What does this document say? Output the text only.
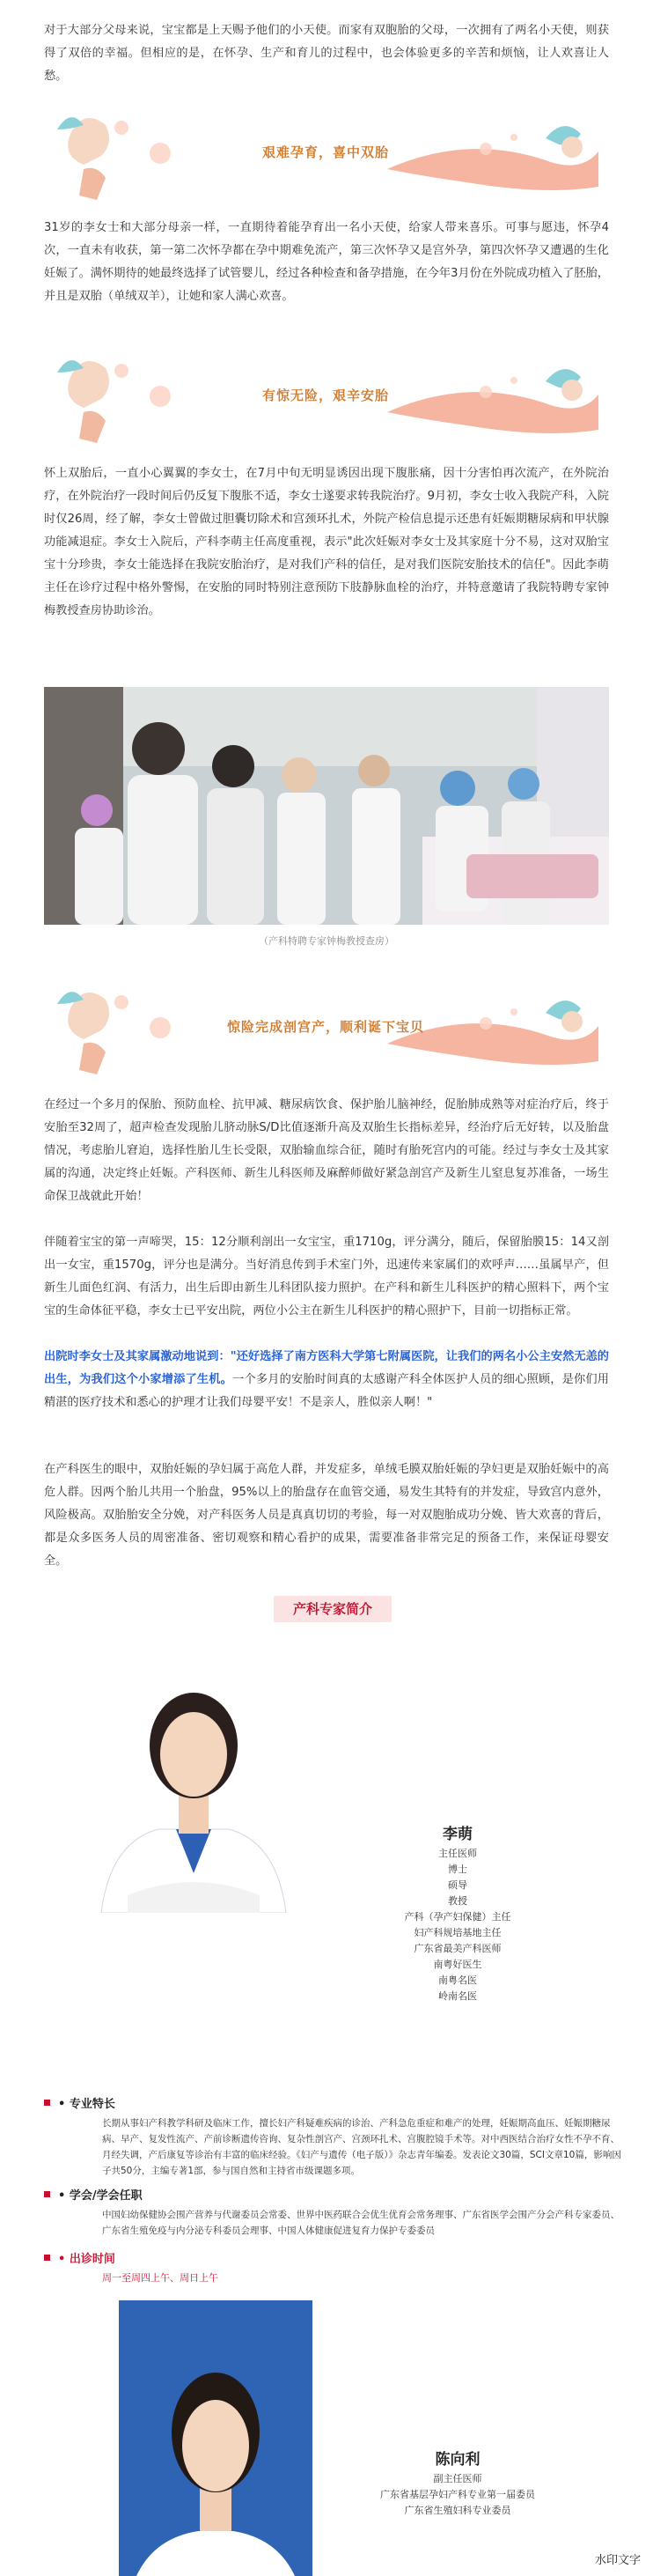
对于大部分父母来说，宝宝都是上天赐予他们的小天使。而家有双胞胎的父母，一次拥有了两名小天使，则获得了双倍的幸福。但相应的是，在怀孕、生产和育儿的过程中，也会体验更多的辛苦和烦恼，让人欢喜让人愁。

艰难孕育，喜中双胎

31岁的李女士和大部分母亲一样，一直期待着能孕育出一名小天使，给家人带来喜乐。可事与愿违，怀孕4次，一直未有收获，第一第二次怀孕都在孕中期难免流产，第三次怀孕又是宫外孕，第四次怀孕又遭遇的生化妊娠了。满怀期待的她最终选择了试管婴儿，经过各种检查和备孕措施，在今年3月份在外院成功植入了胚胎，并且是双胎（单绒双羊），让她和家人满心欢喜。

有惊无险，艰辛安胎

怀上双胎后，一直小心翼翼的李女士，在7月中旬无明显诱因出现下腹胀痛，因十分害怕再次流产，在外院治疗，在外院治疗一段时间后仍反复下腹胀不适，李女士遂要求转我院治疗。9月初，李女士收入我院产科，入院时仅26周，经了解，李女士曾做过胆囊切除术和宫颈环扎术，外院产检信息提示还患有妊娠期糖尿病和甲状腺功能减退症。李女士入院后，产科李萌主任高度重视，表示"此次妊娠对李女士及其家庭十分不易，这对双胎宝宝十分珍贵，李女士能选择在我院安胎治疗，是对我们产科的信任，是对我们医院安胎技术的信任"。因此李萌主任在诊疗过程中格外警惕，在安胎的同时特别注意预防下肢静脉血栓的治疗，并特意邀请了我院特聘专家钟梅教授查房协助诊治。

（产科特聘专家钟梅教授查房）
惊险完成剖宫产，顺利诞下宝贝

在经过一个多月的保胎、预防血栓、抗甲减、糖尿病饮食、保护胎儿脑神经，促胎肺成熟等对症治疗后，终于安胎至32周了，超声检查发现胎儿脐动脉S/D比值逐渐升高及双胎生长指标差异，经治疗后无好转，以及胎盘情况，考虑胎儿窘迫，选择性胎儿生长受限，双胎输血综合征，随时有胎死宫内的可能。经过与李女士及其家属的沟通，决定终止妊娠。产科医师、新生儿科医师及麻醉师做好紧急剖宫产及新生儿窒息复苏准备，一场生命保卫战就此开始！

伴随着宝宝的第一声啼哭，15：12分顺利剖出一女宝宝，重1710g，评分满分，随后，保留胎膜15：14又剖出一女宝，重1570g，评分也是满分。当好消息传到手术室门外，迅速传来家属们的欢呼声……虽属早产，但新生儿面色红润、有活力，出生后即由新生儿科团队接力照护。在产科和新生儿科医护的精心照料下，两个宝宝的生命体征平稳，李女士已平安出院，两位小公主在新生儿科医护的精心照护下，目前一切指标正常。

出院时李女士及其家属激动地说到："还好选择了南方医科大学第七附属医院，让我们的两名小公主安然无恙的出生，为我们这个小家增添了生机。一个多月的安胎时间真的太感谢产科全体医护人员的细心照顾，是你们用精湛的医疗技术和悉心的护理才让我们母婴平安！不是亲人，胜似亲人啊！"

在产科医生的眼中，双胎妊娠的孕妇属于高危人群，并发症多，单绒毛膜双胎妊娠的孕妇更是双胎妊娠中的高危人群。因两个胎儿共用一个胎盘，95%以上的胎盘存在血管交通，易发生其特有的并发症，导致宫内意外，风险极高。双胎胎安全分娩，对产科医务人员是真真切切的考验，每一对双胞胎成功分娩、皆大欢喜的背后，都是众多医务人员的周密准备、密切观察和精心看护的成果，需要准备非常完足的预备工作，来保证母婴安全。

产科专家简介
李萌
主任医师
博士
硕导
教授
产科（孕产妇保健）主任
妇产科规培基地主任
广东省最美产科医师
南粤好医生
南粤名医
岭南名医
• 专业特长
长期从事妇产科教学科研及临床工作，擅长妇产科疑难疾病的诊治、产科急危重症和难产的处理，妊娠期高血压、妊娠期糖尿病、早产、复发性流产、产前诊断遗传咨询、复杂性剖宫产、宫颈环扎术、宫腹腔镜手术等。对中西医结合治疗女性不孕不育、月经失调，产后康复等诊治有丰富的临床经验。《妇产与遗传（电子版）》杂志青年编委。发表论文30篇，SCI文章10篇，影响因子共50分，主编专著1部，参与国自然和主持省市级课题多项。
• 学会/学会任职
中国妇幼保健协会围产营养与代谢委员会常委、世界中医药联合会优生优育会常务理事、广东省医学会围产分会产科专家委员、广东省生殖免疫与内分泌专科委员会理事、中国人体健康促进复育力保护专委委员
• 出诊时间
周一至周四上午、周日上午
陈向利
副主任医师
广东省基层孕妇产科专业第一届委员
广东省生殖妇科专业委员
水印文字
